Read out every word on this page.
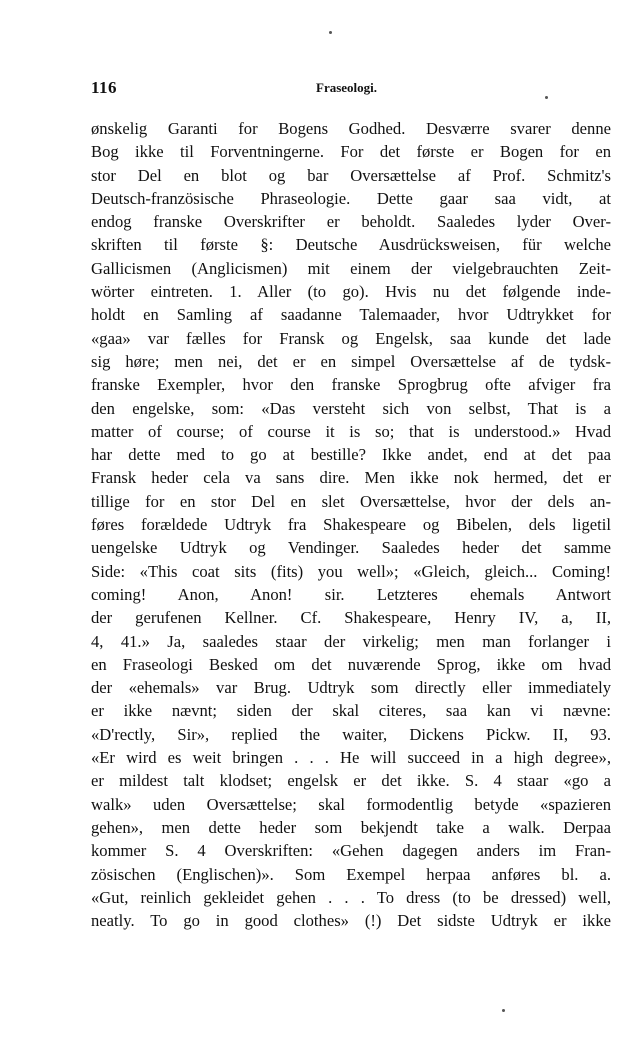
116	Fraseologi.
ønskelig Garanti for Bogens Godhed. Desværre svarer denne
Bog ikke til Forventningerne. For det første er Bogen for en
stor Del en blot og bar Oversættelse af Prof. Schmitz's
Deutsch-französische Phraseologie. Dette gaar saa vidt, at
endog franske Overskrifter er beholdt. Saaledes lyder Over-
skriften til første §: Deutsche Ausdrücksweisen, für welche
Gallicismen (Anglicismen) mit einem der vielgebrauchten Zeit-
wörter eintreten. 1. Aller (to go). Hvis nu det følgende inde-
holdt en Samling af saadanne Talemaader, hvor Udtrykket for
«gaa» var fælles for Fransk og Engelsk, saa kunde det lade
sig høre; men nei, det er en simpel Oversættelse af de tydsk-
franske Exempler, hvor den franske Sprogbrug ofte afviger fra
den engelske, som: «Das versteht sich von selbst, That is a
matter of course; of course it is so; that is understood.» Hvad
har dette med to go at bestille? Ikke andet, end at det paa
Fransk heder cela va sans dire. Men ikke nok hermed, det er
tillige for en stor Del en slet Oversættelse, hvor der dels an-
føres forældede Udtryk fra Shakespeare og Bibelen, dels ligetil
uengelske Udtryk og Vendinger. Saaledes heder det samme
Side: «This coat sits (fits) you well»; «Gleich, gleich... Coming!
coming! Anon, Anon! sir. Letzteres ehemals Antwort
der gerufenen Kellner. Cf. Shakespeare, Henry IV, a, II,
4, 41.» Ja, saaledes staar der virkelig; men man forlanger i
en Fraseologi Besked om det nuværende Sprog, ikke om hvad
der «ehemals» var Brug. Udtryk som directly eller immediately
er ikke nævnt; siden der skal citeres, saa kan vi nævne:
«D'rectly, Sir», replied the waiter, Dickens Pickw. II, 93.
«Er wird es weit bringen . . . He will succeed in a high degree»,
er mildest talt klodset; engelsk er det ikke. S. 4 staar «go a
walk» uden Oversættelse; skal formodentlig betyde «spazieren
gehen», men dette heder som bekjendt take a walk. Derpaa
kommer S. 4 Overskriften: «Gehen dagegen anders im Fran-
zösischen (Englischen)». Som Exempel herpaa anføres bl. a.
«Gut, reinlich gekleidet gehen . . . To dress (to be dressed) well,
neatly. To go in good clothes» (!) Det sidste Udtryk er ikke
